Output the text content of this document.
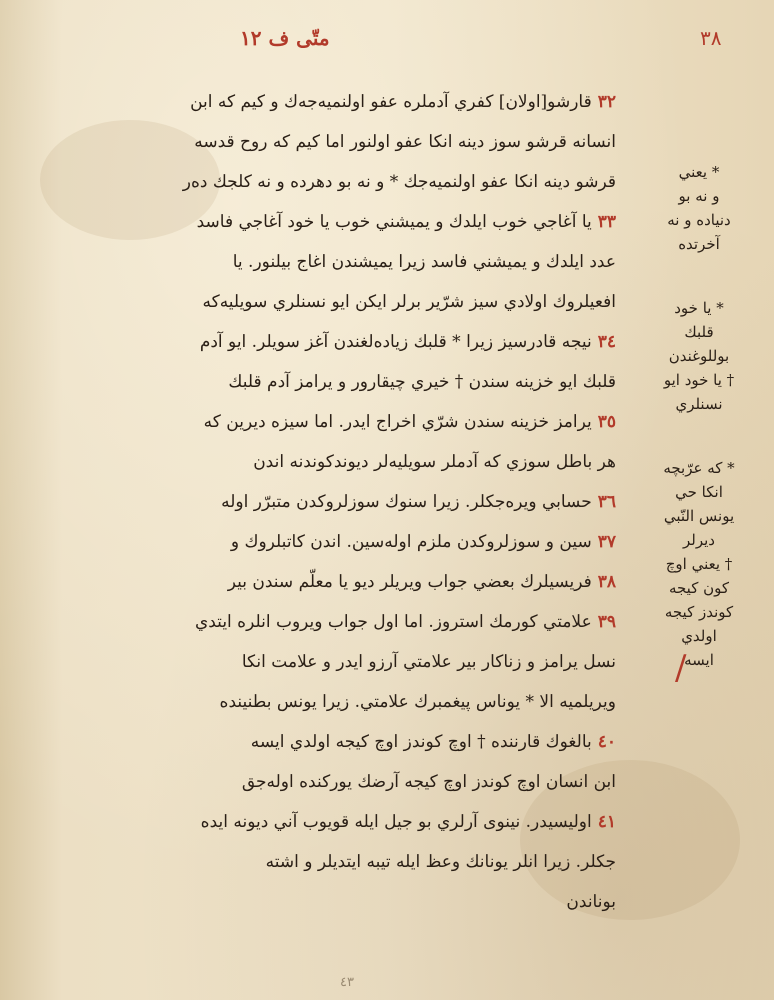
متّى ف ١٢	٣٨
٣٢قارشو[اولان] كفري آدملره عفو اولنميه‌جه‌ك و كيم كه ابن
انسانه قرشو سوز دينه انكا عفو اولنور اما كيم كه روح قدسه
قرشو دينه انكا عفو اولنميه‌جك * و نه بو دهرده و نه كلجك ده‌ر
٣٣يا آغاجي خوب ايلدك و يميشني خوب يا خود آغاجي فاسد
عدد ايلدك و يميشني فاسد زيرا يميشندن اغاج بيلنور. يا
افعيلروك اولادي سيز شرّير برلر ايكن ايو نسنلري سويليه‌كه
٣٤نيجه قادرسيز زيرا * قلبك زيادەلغندن آغز سويلر. ايو آدم
قلبك ايو خزينه سندن † خيري چيقارور و يرامز آدم قلبك
٣٥يرامز خزينه سندن شرّي اخراج ايدر. اما سيزه ديرين كه
هر باطل سوزي كه آدملر سويليه‌لر ديوندكوندنه اندن
٣٦حسابي ويره‌جكلر. زيرا سنوك سوزلروكدن متبرّر اوله‌
٣٧سين و سوزلروكدن ملزم اوله‌سين. اندن كاتبلروك و
٣٨فريسيلرك بعضي جواب ويريلر ديو يا معلّم سندن بير
٣٩علامتي كورمك استروز. اما اول جواب ويروب انلره ايتدي
نسل يرامز و زناكار بير علامتي آرزو ايدر و علامت انكا
ويريلميه الا * يوناس پيغمبرك علامتي. زيرا يونس بطنينده
٤٠بالغوك قارننده † اوچ كوندز اوچ كيجه اولدي ايسه
ابن انسان اوچ كوندز اوچ كيجه آرضك يورکنده اوله‌جق
٤١اولیسیدر. نینوی آرلري بو جيل ايله قويوب آني ديونه ايده
جكلر. زيرا انلر يونانك وعظ ايله تيبه ايتدیلر و اشته
بوناندن
* يعني
و نه بو
دنياده و نه
آخرتده
* يا خود
قلبك
بوللوغندن
† يا خود ايو
نسنلري
* كه عرّبچه
انكا حي
يونس النّبي
ديرلر
† يعني اوچ
كون كيجه
كوندز كيجه
اولدي
ايسه
/
٤٣
